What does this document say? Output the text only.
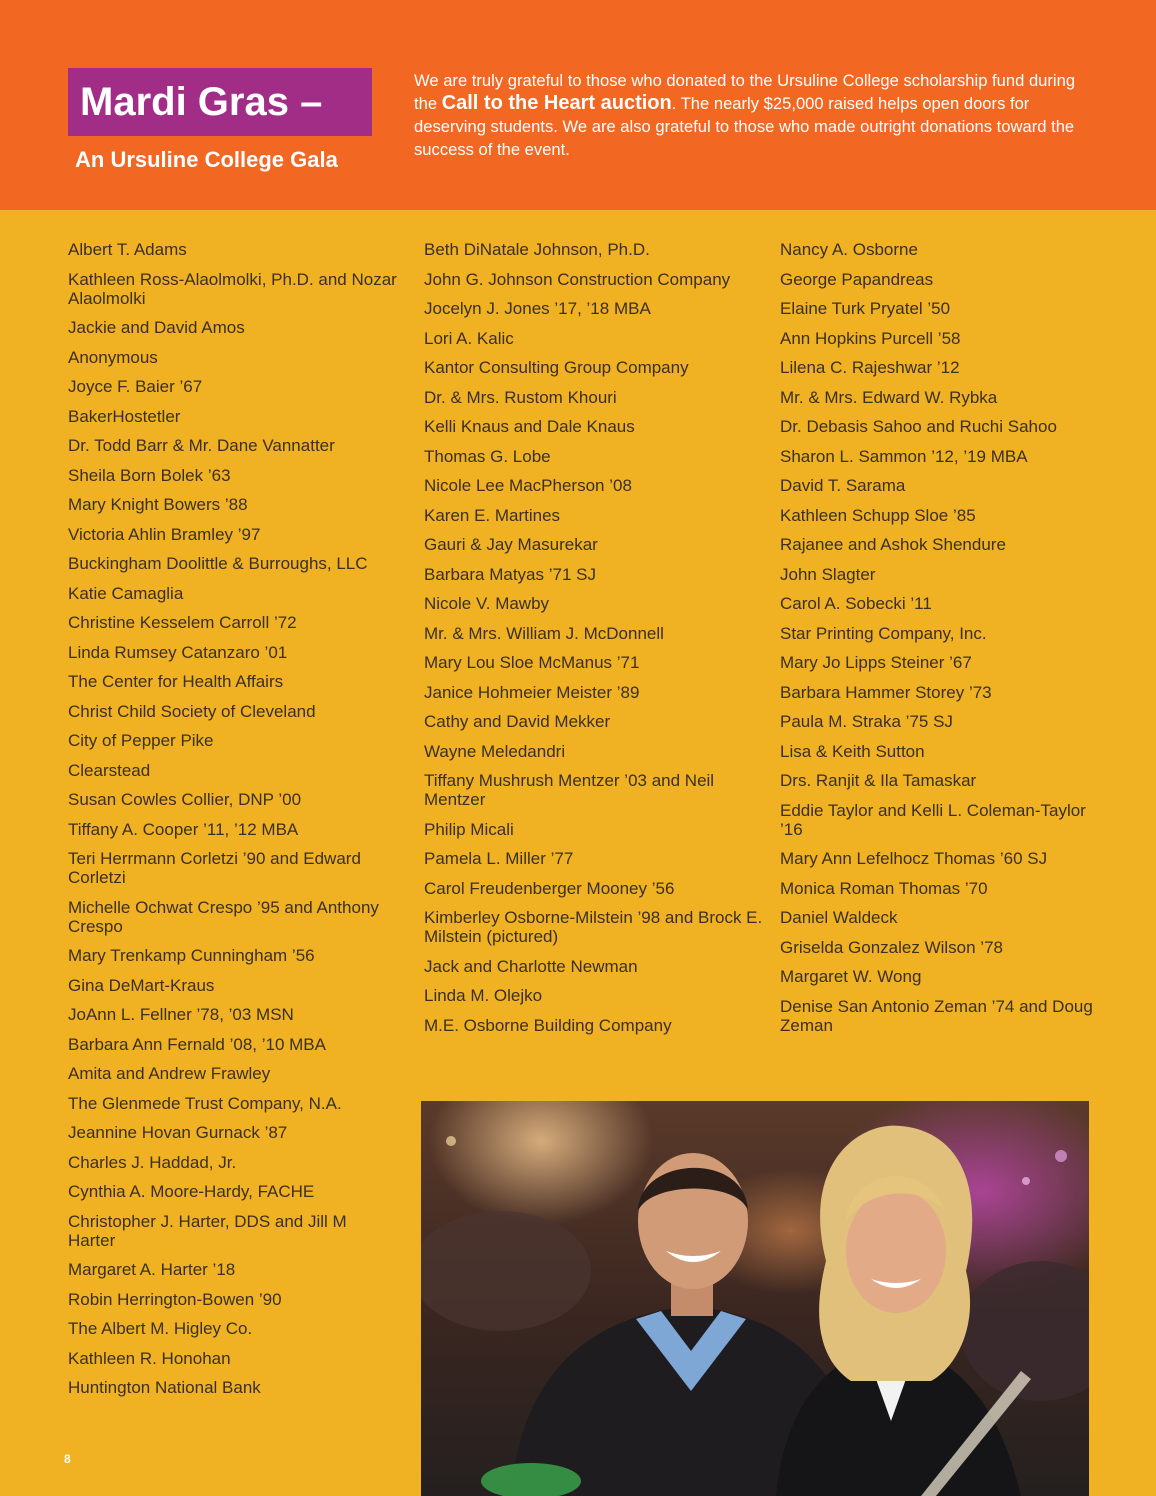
Mardi Gras –
An Ursuline College Gala

We are truly grateful to those who donated to the Ursuline College scholarship fund during the Call to the Heart auction. The nearly $25,000 raised helps open doors for deserving students. We are also grateful to those who made outright donations toward the success of the event.

Albert T. Adams
Kathleen Ross-Alaolmolki, Ph.D. and Nozar Alaolmolki
Jackie and David Amos
Anonymous
Joyce F. Baier ’67
BakerHostetler
Dr. Todd Barr & Mr. Dane Vannatter
Sheila Born Bolek ’63
Mary Knight Bowers ’88
Victoria Ahlin Bramley ’97
Buckingham Doolittle & Burroughs, LLC
Katie Camaglia
Christine Kesselem Carroll ’72
Linda Rumsey Catanzaro ’01
The Center for Health Affairs
Christ Child Society of Cleveland
City of Pepper Pike
Clearstead
Susan Cowles Collier, DNP ’00
Tiffany A. Cooper ’11, ’12 MBA
Teri Herrmann Corletzi ’90 and Edward Corletzi
Michelle Ochwat Crespo ’95 and Anthony Crespo
Mary Trenkamp Cunningham ’56
Gina DeMart-Kraus
JoAnn L. Fellner ’78, ’03 MSN
Barbara Ann Fernald ’08, ’10 MBA
Amita and Andrew Frawley
The Glenmede Trust Company, N.A.
Jeannine Hovan Gurnack ’87
Charles J. Haddad, Jr.
Cynthia A. Moore-Hardy, FACHE
Christopher J. Harter, DDS and Jill M Harter
Margaret A. Harter ’18
Robin Herrington-Bowen ’90
The Albert M. Higley Co.
Kathleen R. Honohan
Huntington National Bank
Beth DiNatale Johnson, Ph.D.
John G. Johnson Construction Company
Jocelyn J. Jones ’17, ’18 MBA
Lori A. Kalic
Kantor Consulting Group Company
Dr. & Mrs. Rustom Khouri
Kelli Knaus and Dale Knaus
Thomas G. Lobe
Nicole Lee MacPherson ’08
Karen E. Martines
Gauri & Jay Masurekar
Barbara Matyas ’71 SJ
Nicole V. Mawby
Mr. & Mrs. William J. McDonnell
Mary Lou Sloe McManus ’71
Janice Hohmeier Meister ’89
Cathy and David Mekker
Wayne Meledandri
Tiffany Mushrush Mentzer ’03 and Neil Mentzer
Philip Micali
Pamela L. Miller ’77
Carol Freudenberger Mooney ’56
Kimberley Osborne-Milstein ’98 and Brock E. Milstein (pictured)
Jack and Charlotte Newman
Linda M. Olejko
M.E. Osborne Building Company
Nancy A. Osborne
George Papandreas
Elaine Turk Pryatel ’50
Ann Hopkins Purcell ’58
Lilena C. Rajeshwar ’12
Mr. & Mrs. Edward W. Rybka
Dr. Debasis Sahoo and Ruchi Sahoo
Sharon L. Sammon ’12, ’19 MBA
David T. Sarama
Kathleen Schupp Sloe ’85
Rajanee and Ashok Shendure
John Slagter
Carol A. Sobecki ’11
Star Printing Company, Inc.
Mary Jo Lipps Steiner ’67
Barbara Hammer Storey ’73
Paula M. Straka ’75 SJ
Lisa & Keith Sutton
Drs. Ranjit & Ila Tamaskar
Eddie Taylor and Kelli L. Coleman-Taylor ’16
Mary Ann Lefelhocz Thomas ’60 SJ
Monica Roman Thomas ’70
Daniel Waldeck
Griselda Gonzalez Wilson ’78
Margaret W. Wong
Denise San Antonio Zeman ’74 and Doug Zeman
8
